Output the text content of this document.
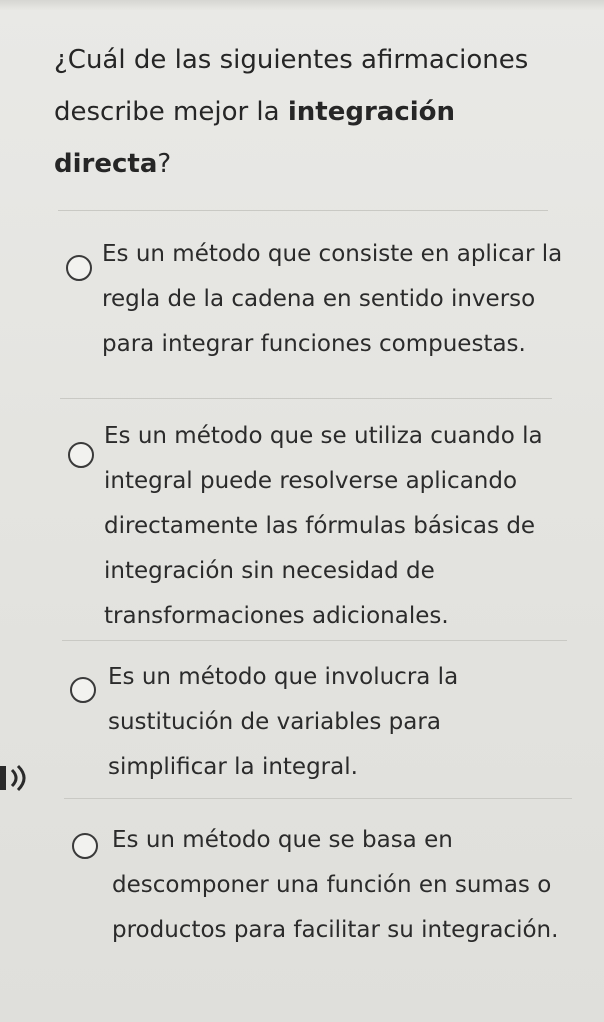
¿Cuál de las siguientes afirmaciones describe mejor la integración directa?
Es un método que consiste en aplicar la regla de la cadena en sentido inverso para integrar funciones compuestas.
Es un método que se utiliza cuando la integral puede resolverse aplicando directamente las fórmulas básicas de integración sin necesidad de transformaciones adicionales.
Es un método que involucra la sustitución de variables para simplificar la integral.
Es un método que se basa en descomponer una función en sumas o productos para facilitar su integración.
